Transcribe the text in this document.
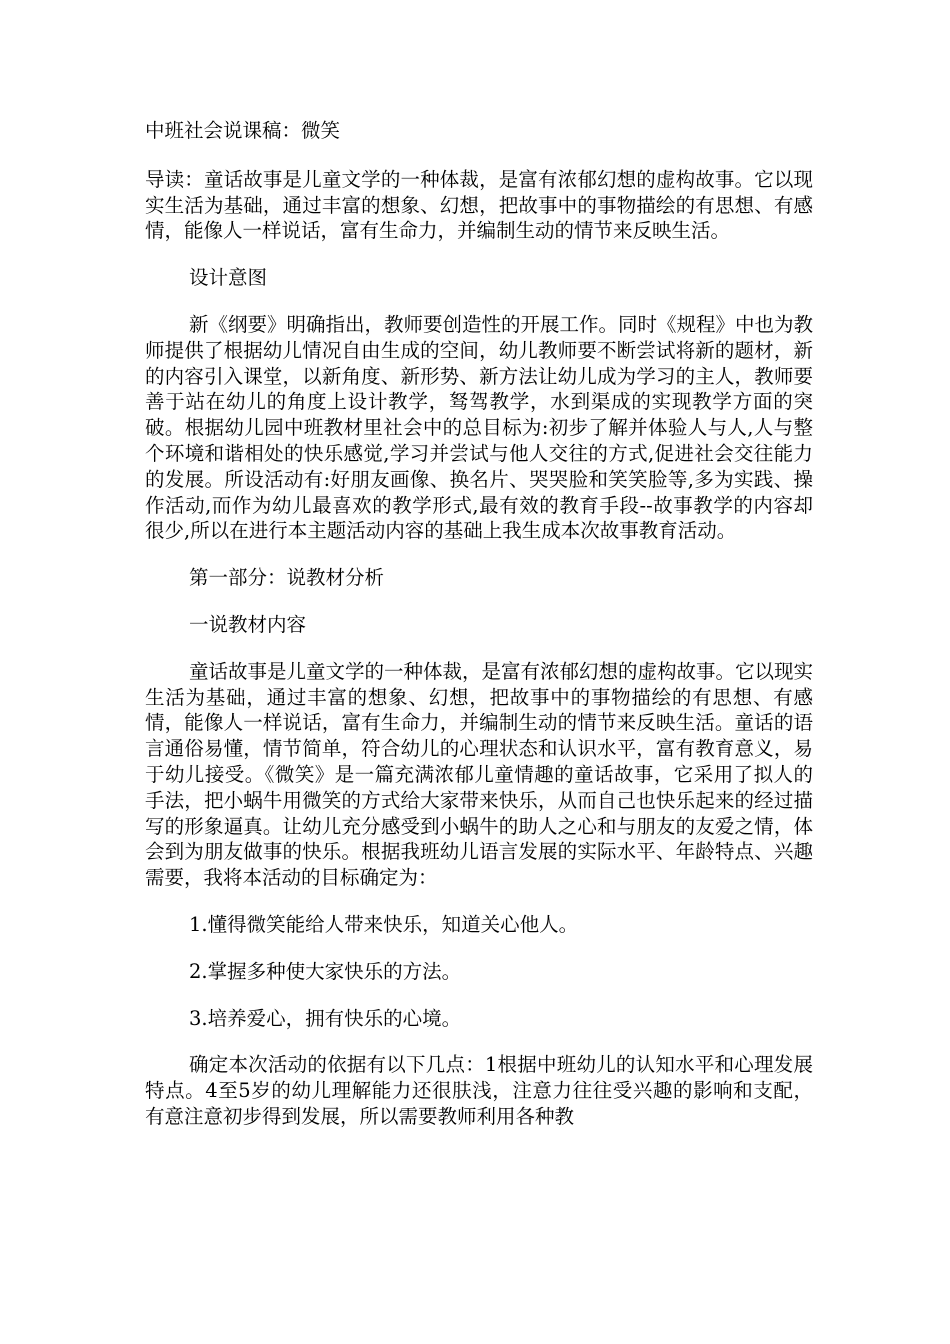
中班社会说课稿：微笑

导读：童话故事是儿童文学的一种体裁，是富有浓郁幻想的虚构故事。它以现实生活为基础，通过丰富的想象、幻想，把故事中的事物描绘的有思想、有感情，能像人一样说话，富有生命力，并编制生动的情节来反映生活。

设计意图

新《纲要》明确指出，教师要创造性的开展工作。同时《规程》中也为教师提供了根据幼儿情况自由生成的空间，幼儿教师要不断尝试将新的题材，新的内容引入课堂，以新角度、新形势、新方法让幼儿成为学习的主人，教师要善于站在幼儿的角度上设计教学，驽驾教学，水到渠成的实现教学方面的突破。根据幼儿园中班教材里社会中的总目标为:初步了解并体验人与人,人与整个环境和谐相处的快乐感觉,学习并尝试与他人交往的方式,促进社会交往能力的发展。所设活动有:好朋友画像、换名片、哭哭脸和笑笑脸等,多为实践、操作活动,而作为幼儿最喜欢的教学形式,最有效的教育手段--故事教学的内容却很少,所以在进行本主题活动内容的基础上我生成本次故事教育活动。

第一部分：说教材分析

一说教材内容

童话故事是儿童文学的一种体裁，是富有浓郁幻想的虚构故事。它以现实生活为基础，通过丰富的想象、幻想，把故事中的事物描绘的有思想、有感情，能像人一样说话，富有生命力，并编制生动的情节来反映生活。童话的语言通俗易懂，情节简单，符合幼儿的心理状态和认识水平，富有教育意义，易于幼儿接受。《微笑》是一篇充满浓郁儿童情趣的童话故事，它采用了拟人的手法，把小蜗牛用微笑的方式给大家带来快乐，从而自己也快乐起来的经过描写的形象逼真。让幼儿充分感受到小蜗牛的助人之心和与朋友的友爱之情，体会到为朋友做事的快乐。根据我班幼儿语言发展的实际水平、年龄特点、兴趣需要，我将本活动的目标确定为：

1.懂得微笑能给人带来快乐，知道关心他人。

2.掌握多种使大家快乐的方法。

3.培养爱心，拥有快乐的心境。

确定本次活动的依据有以下几点：1根据中班幼儿的认知水平和心理发展特点。4至5岁的幼儿理解能力还很肤浅，注意力往往受兴趣的影响和支配，有意注意初步得到发展，所以需要教师利用各种教
